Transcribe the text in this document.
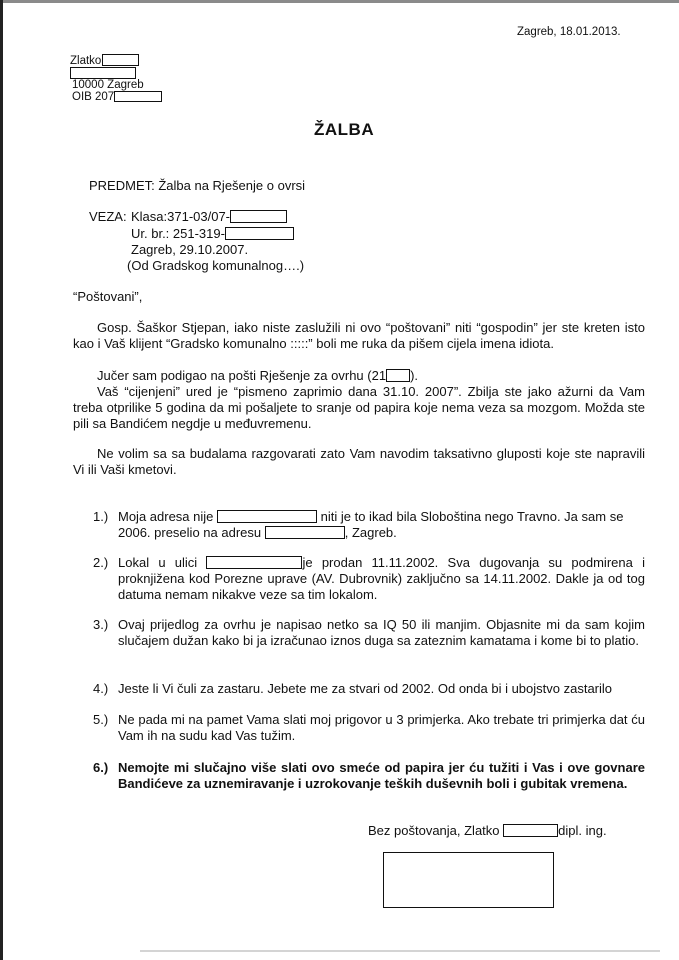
Zagreb, 18.01.2013.
Zlatko
10000 Zagreb
OIB 207
ŽALBA
PREDMET: Žalba na Rješenje o ovrsi
VEZA: Klasa:371-03/07-
Ur. br.: 251-319-
Zagreb, 29.10.2007.
(Od Gradskog komunalnog….)
“Poštovani”,
Gosp. Šaškor Stjepan, iako niste zaslužili ni ovo “poštovani” niti “gospodin” jer ste kreten isto kao i Vaš klijent “Gradsko komunalno :::::” boli me ruka da pišem cijela imena idiota.
Jučer sam podigao na pošti Rješenje za ovrhu (21 ).
Vaš “cijenjeni” ured je “pismeno zaprimio dana 31.10. 2007”. Zbilja ste jako ažurni da Vam treba otprilike 5 godina da mi pošaljete to sranje od papira koje nema veza sa mozgom. Možda ste pili sa Bandićem negdje u međuvremenu.
Ne volim sa sa budalama razgovarati zato Vam navodim taksativno gluposti koje ste napravili Vi ili Vaši kmetovi.
1.) Moja adresa nije	niti je to ikad bila Sloboština nego Travno. Ja sam se
2006. preselio na adresu	, Zagreb.
2.) Lokal u ulici	je prodan 11.11.2002. Sva dugovanja su podmirena i
proknjižena kod Porezne uprave (AV. Dubrovnik) zaključno sa 14.11.2002. Dakle ja od tog datuma nemam nikakve veze sa tim lokalom.
3.) Ovaj prijedlog za ovrhu je napisao netko sa IQ 50 ili manjim. Objasnite mi da sam kojim slučajem dužan kako bi ja izračunao iznos duga sa zateznim kamatama i kome bi to platio.
4.) Jeste li Vi čuli za zastaru. Jebete me za stvari od 2002. Od onda bi i ubojstvo zastarilo
5.) Ne pada mi na pamet Vama slati moj prigovor u 3 primjerka. Ako trebate tri primjerka dat ću Vam ih na sudu kad Vas tužim.
6.) Nemojte mi slučajno više slati ovo smeće od papira jer ću tužiti i Vas i ove govnare Bandićeve za uznemiravanje i uzrokovanje teških duševnih boli i gubitak vremena.
Bez poštovanja, Zlatko	dipl. ing.
